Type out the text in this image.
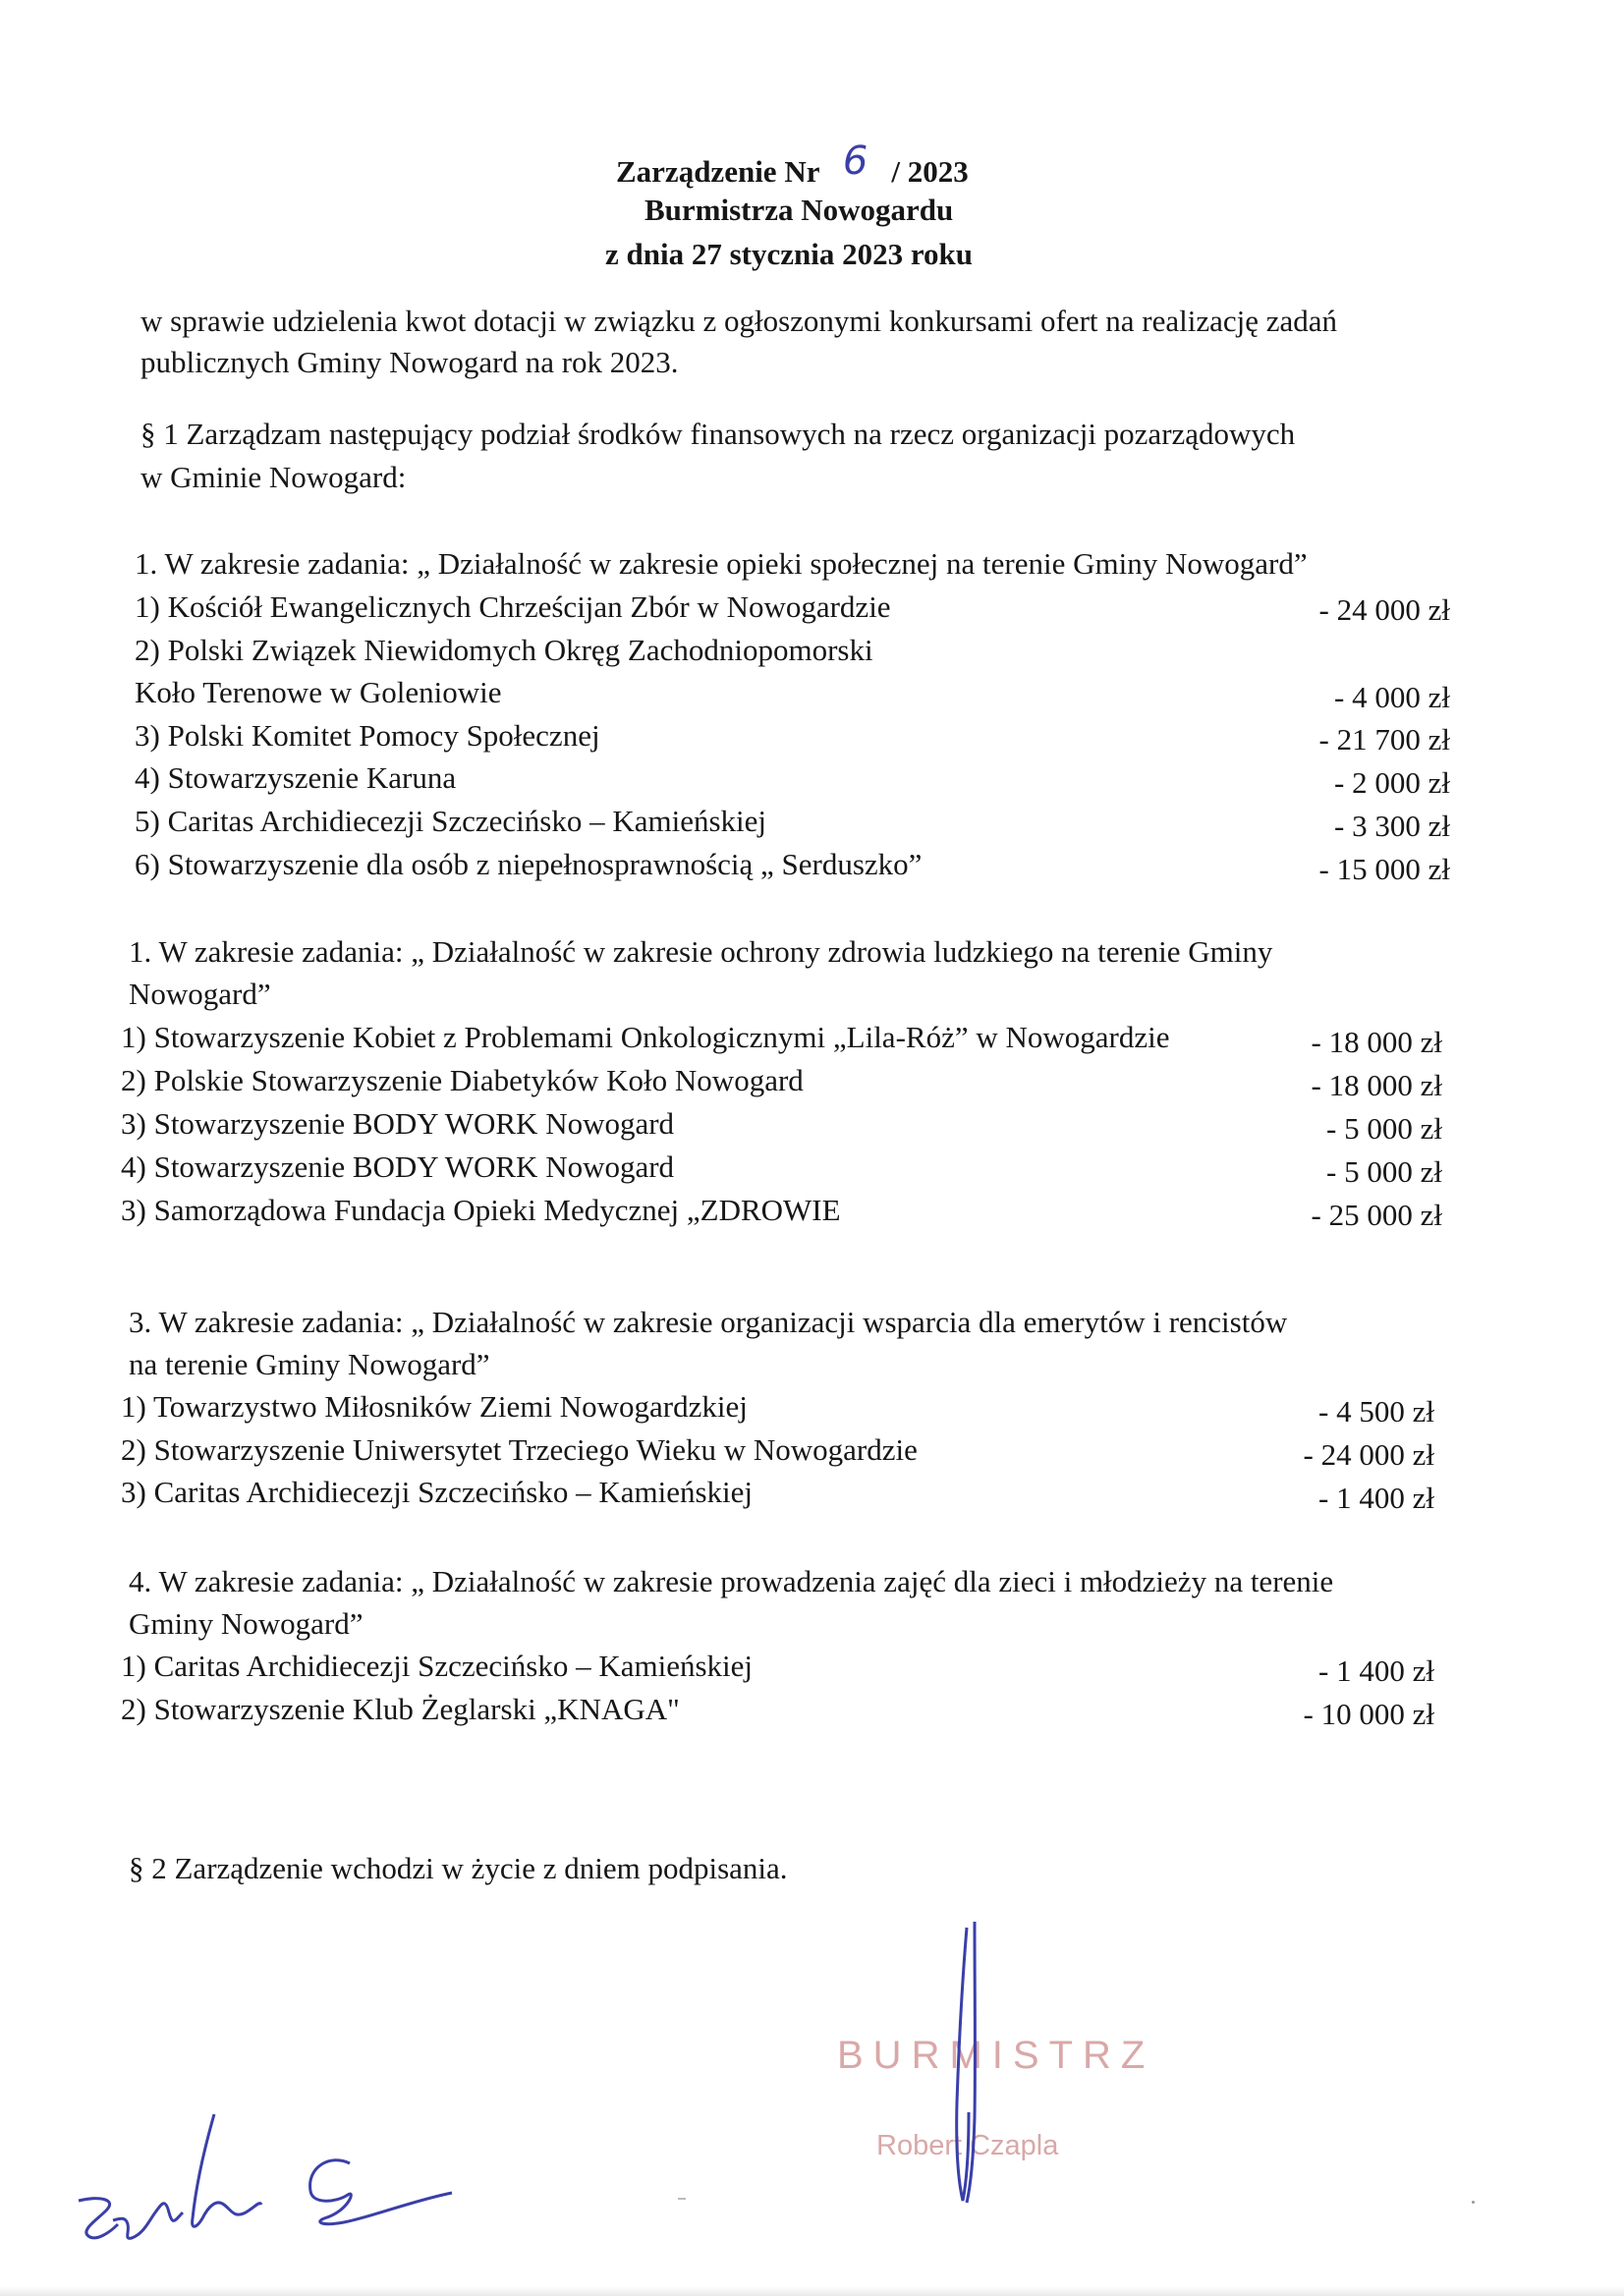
Zarządzenie Nr 6 / 2023
Burmistrza Nowogardu
z dnia 27 stycznia 2023 roku
w sprawie udzielenia kwot dotacji w związku z ogłoszonymi konkursami ofert na realizację zadań
publicznych Gminy Nowogard na rok 2023.
§ 1 Zarządzam następujący podział środków finansowych na rzecz organizacji pozarządowych
w Gminie Nowogard:
1. W zakresie zadania: „ Działalność w zakresie opieki społecznej na terenie Gminy Nowogard”
1) Kościół Ewangelicznych Chrześcijan Zbór w Nowogardzie	- 24 000 zł
2) Polski Związek Niewidomych Okręg Zachodniopomorski
Koło Terenowe w Goleniowie	- 4 000 zł
3) Polski Komitet Pomocy Społecznej	- 21 700 zł
4) Stowarzyszenie Karuna	- 2 000 zł
5) Caritas Archidiecezji Szczecińsko – Kamieńskiej	- 3 300 zł
6) Stowarzyszenie dla osób z niepełnosprawnością „ Serduszko”	- 15 000 zł
1. W zakresie zadania: „ Działalność w zakresie ochrony zdrowia ludzkiego na terenie Gminy
Nowogard”
1) Stowarzyszenie Kobiet z Problemami Onkologicznymi „Lila-Róż” w Nowogardzie	- 18 000 zł
2) Polskie Stowarzyszenie Diabetyków Koło Nowogard	- 18 000 zł
3) Stowarzyszenie BODY WORK Nowogard	- 5 000 zł
4) Stowarzyszenie BODY WORK Nowogard	- 5 000 zł
3) Samorządowa Fundacja Opieki Medycznej „ZDROWIE	- 25 000 zł
3. W zakresie zadania: „ Działalność w zakresie organizacji wsparcia dla emerytów i rencistów
na terenie Gminy Nowogard”
1) Towarzystwo Miłosników Ziemi Nowogardzkiej	- 4 500 zł
2) Stowarzyszenie Uniwersytet Trzeciego Wieku w Nowogardzie	- 24 000 zł
3) Caritas Archidiecezji Szczecińsko – Kamieńskiej	- 1 400 zł
4. W zakresie zadania: „ Działalność w zakresie prowadzenia zajęć dla zieci i młodzieży na terenie
Gminy Nowogard”
1) Caritas Archidiecezji Szczecińsko – Kamieńskiej	- 1 400 zł
2) Stowarzyszenie Klub Żeglarski „KNAGA"	- 10 000 zł
§ 2 Zarządzenie wchodzi w życie z dniem podpisania.
BURMISTRZ
Robert Czapla
